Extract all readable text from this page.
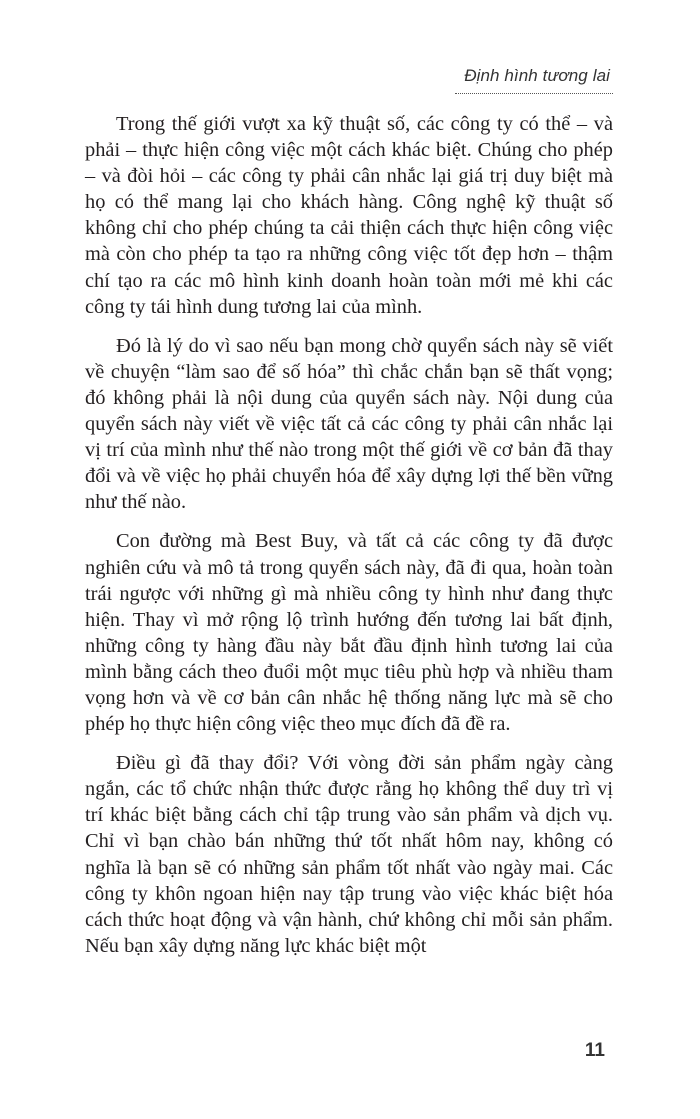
Định hình tương lai

Trong thế giới vượt xa kỹ thuật số, các công ty có thể – và phải – thực hiện công việc một cách khác biệt. Chúng cho phép – và đòi hỏi – các công ty phải cân nhắc lại giá trị duy biệt mà họ có thể mang lại cho khách hàng. Công nghệ kỹ thuật số không chỉ cho phép chúng ta cải thiện cách thực hiện công việc mà còn cho phép ta tạo ra những công việc tốt đẹp hơn – thậm chí tạo ra các mô hình kinh doanh hoàn toàn mới mẻ khi các công ty tái hình dung tương lai của mình.

Đó là lý do vì sao nếu bạn mong chờ quyển sách này sẽ viết về chuyện “làm sao để số hóa” thì chắc chắn bạn sẽ thất vọng; đó không phải là nội dung của quyển sách này. Nội dung của quyển sách này viết về việc tất cả các công ty phải cân nhắc lại vị trí của mình như thế nào trong một thế giới về cơ bản đã thay đổi và về việc họ phải chuyển hóa để xây dựng lợi thế bền vững như thế nào.

Con đường mà Best Buy, và tất cả các công ty đã được nghiên cứu và mô tả trong quyển sách này, đã đi qua, hoàn toàn trái ngược với những gì mà nhiều công ty hình như đang thực hiện. Thay vì mở rộng lộ trình hướng đến tương lai bất định, những công ty hàng đầu này bắt đầu định hình tương lai của mình bằng cách theo đuổi một mục tiêu phù hợp và nhiều tham vọng hơn và về cơ bản cân nhắc hệ thống năng lực mà sẽ cho phép họ thực hiện công việc theo mục đích đã đề ra.

Điều gì đã thay đổi? Với vòng đời sản phẩm ngày càng ngắn, các tổ chức nhận thức được rằng họ không thể duy trì vị trí khác biệt bằng cách chỉ tập trung vào sản phẩm và dịch vụ. Chỉ vì bạn chào bán những thứ tốt nhất hôm nay, không có nghĩa là bạn sẽ có những sản phẩm tốt nhất vào ngày mai. Các công ty khôn ngoan hiện nay tập trung vào việc khác biệt hóa cách thức hoạt động và vận hành, chứ không chỉ mỗi sản phẩm. Nếu bạn xây dựng năng lực khác biệt một

11
